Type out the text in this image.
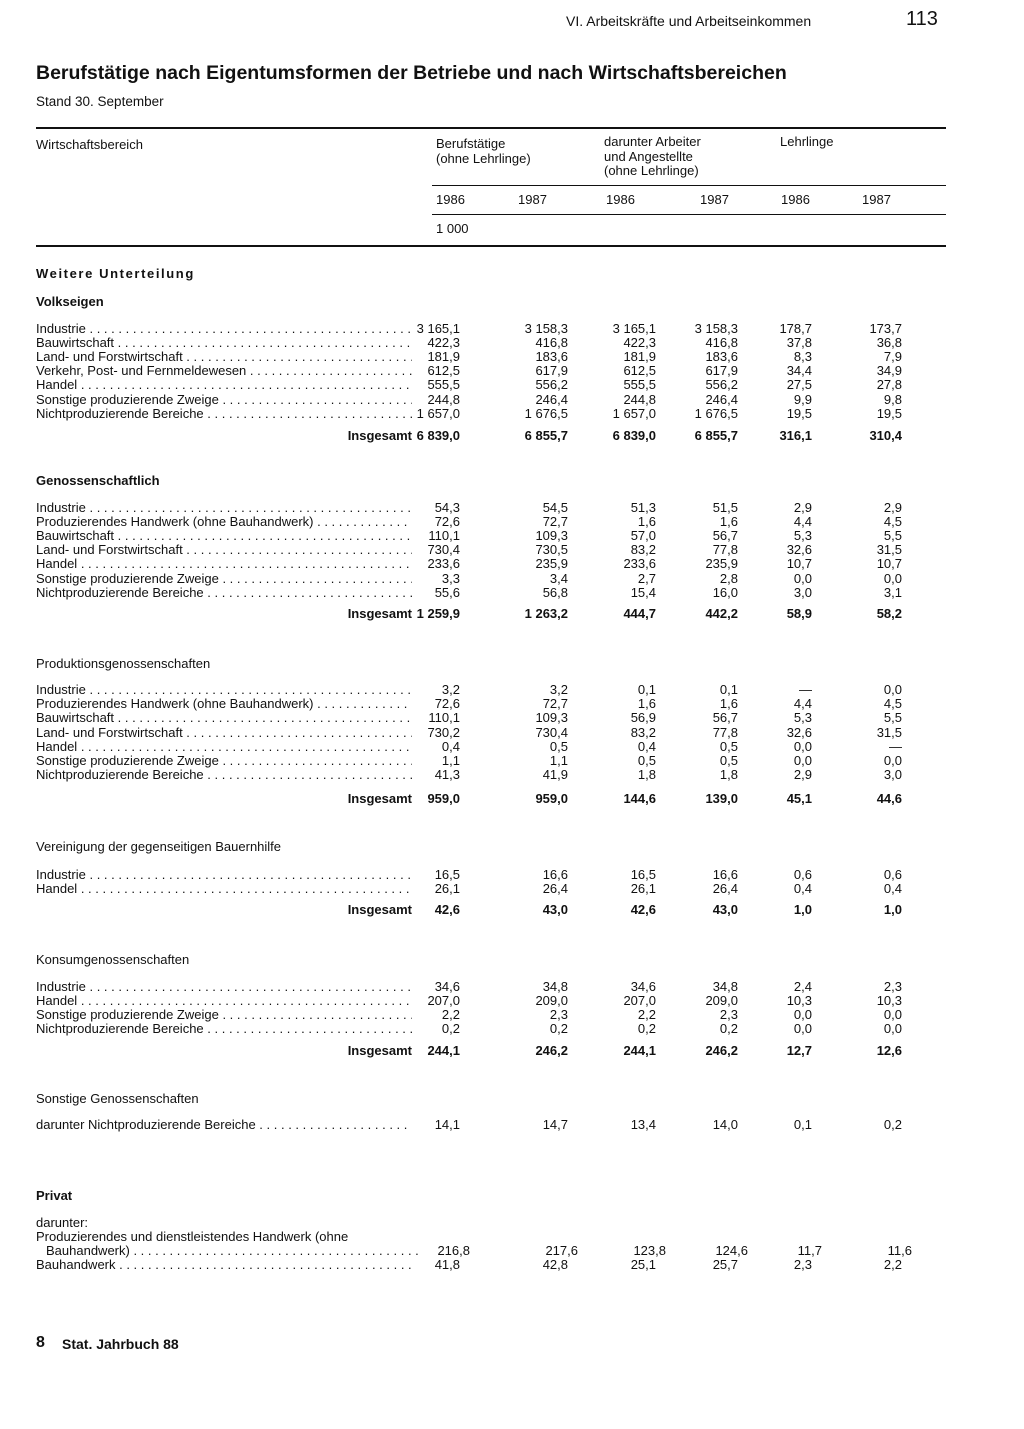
VI. Arbeitskräfte und Arbeitseinkommen	113
Berufstätige nach Eigentumsformen der Betriebe und nach Wirtschaftsbereichen
Stand 30. September
Wirtschaftsbereich	Berufstätige
(ohne Lehrlinge)
darunter Arbeiter
und Angestellte
(ohne Lehrlinge)
Lehrlinge
1986	1987	1986	1987	1986	1987
1 000
Weitere Unterteilung
Volkseigen
Industrie . . .	3 165,1	3 158,3	3 165,1	3 158,3	178,7	173,7
Bauwirtschaft . . .	422,3	416,8	422,3	416,8	37,8	36,8
Land- und Forstwirtschaft . . .	181,9	183,6	181,9	183,6	8,3	7,9
Verkehr, Post- und Fernmeldewesen . . .	612,5	617,9	612,5	617,9	34,4	34,9
Handel . . .	555,5	556,2	555,5	556,2	27,5	27,8
Sonstige produzierende Zweige . . .	244,8	246,4	244,8	246,4	9,9	9,8
Nichtproduzierende Bereiche . . .	1 657,0	1 676,5	1 657,0	1 676,5	19,5	19,5
Insgesamt 6 839,0	6 855,7	6 839,0	6 855,7	316,1	310,4
Genossenschaftlich
Industrie . . .	54,3	54,5	51,3	51,5	2,9	2,9
Produzierendes Handwerk (ohne Bauhandwerk) . . .	72,6	72,7	1,6	1,6	4,4	4,5
Bauwirtschaft . . .	110,1	109,3	57,0	56,7	5,3	5,5
Land- und Forstwirtschaft . . .	730,4	730,5	83,2	77,8	32,6	31,5
Handel . . .	233,6	235,9	233,6	235,9	10,7	10,7
Sonstige produzierende Zweige . . .	3,3	3,4	2,7	2,8	0,0	0,0
Nichtproduzierende Bereiche . . .	55,6	56,8	15,4	16,0	3,0	3,1
Insgesamt 1 259,9	1 263,2	444,7	442,2	58,9	58,2
Produktionsgenossenschaften
Industrie . . .	3,2	3,2	0,1	0,1	—	0,0
Produzierendes Handwerk (ohne Bauhandwerk) . . .	72,6	72,7	1,6	1,6	4,4	4,5
Bauwirtschaft . . .	110,1	109,3	56,9	56,7	5,3	5,5
Land- und Forstwirtschaft . . .	730,2	730,4	83,2	77,8	32,6	31,5
Handel . . .	0,4	0,5	0,4	0,5	0,0	—
Sonstige produzierende Zweige . . .	1,1	1,1	0,5	0,5	0,0	0,0
Nichtproduzierende Bereiche . . .	41,3	41,9	1,8	1,8	2,9	3,0
Insgesamt 959,0	959,0	144,6	139,0	45,1	44,6
Vereinigung der gegenseitigen Bauernhilfe
Industrie . . .	16,5	16,6	16,5	16,6	0,6	0,6
Handel . . .	26,1	26,4	26,1	26,4	0,4	0,4
Insgesamt 42,6	43,0	42,6	43,0	1,0	1,0
Konsumgenossenschaften
Industrie . . .	34,6	34,8	34,6	34,8	2,4	2,3
Handel . . .	207,0	209,0	207,0	209,0	10,3	10,3
Sonstige produzierende Zweige . . .	2,2	2,3	2,2	2,3	0,0	0,0
Nichtproduzierende Bereiche . . .	0,2	0,2	0,2	0,2	0,0	0,0
Insgesamt 244,1	246,2	244,1	246,2	12,7	12,6
Sonstige Genossenschaften
darunter Nichtproduzierende Bereiche . . .	14,1	14,7	13,4	14,0	0,1	0,2
Privat
darunter:
Produzierendes und dienstleistendes Handwerk (ohne
Bauhandwerk) . . .	216,8	217,6	123,8	124,6	11,7	11,6
Bauhandwerk . . .	41,8	42,8	25,1	25,7	2,3	2,2
8 Stat. Jahrbuch 88
